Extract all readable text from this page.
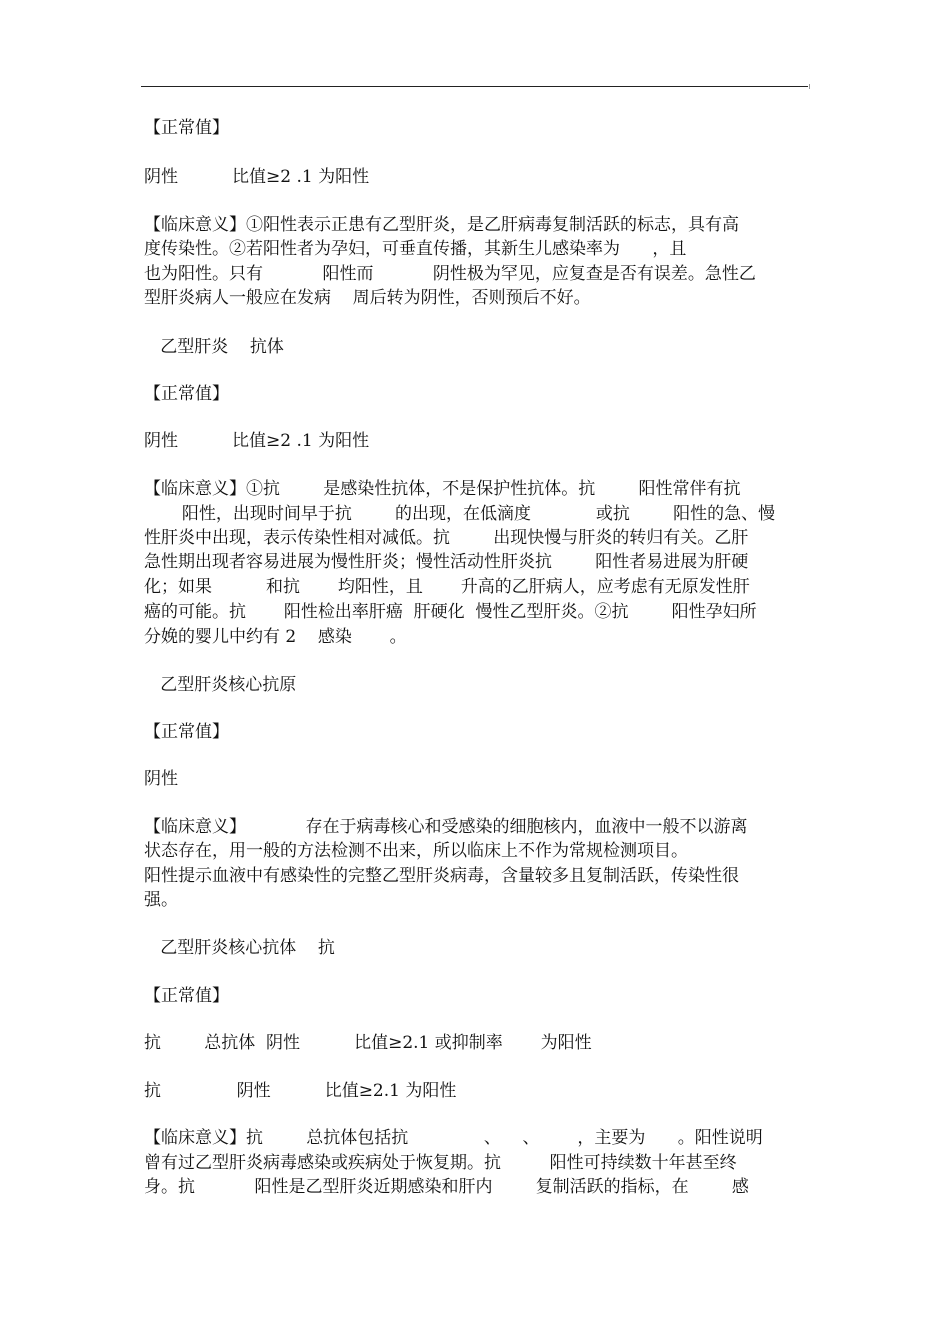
【正常值】

阴性          比值≥2 .1 为阳性

【临床意义】①阳性表示正患有乙型肝炎，是乙肝病毒复制活跃的标志，具有高

度传染性。②若阳性者为孕妇，可垂直传播，其新生儿感染率为      ，且

也为阳性。只有           阳性而           阴性极为罕见，应复查是否有误差。急性乙

型肝炎病人一般应在发病    周后转为阴性，否则预后不好。

乙型肝炎    抗体

【正常值】

阴性          比值≥2 .1 为阳性

【临床意义】①抗        是感染性抗体，不是保护性抗体。抗        阳性常伴有抗

阳性，出现时间早于抗        的出现，在低滴度            或抗        阳性的急、慢

性肝炎中出现，表示传染性相对减低。抗        出现快慢与肝炎的转归有关。乙肝

急性期出现者容易进展为慢性肝炎；慢性活动性肝炎抗        阳性者易进展为肝硬

化；如果          和抗       均阳性，且       升高的乙肝病人，应考虑有无原发性肝

癌的可能。抗       阳性检出率肝癌  肝硬化  慢性乙型肝炎。②抗        阳性孕妇所

分娩的婴儿中约有 2    感染       。

乙型肝炎核心抗原

【正常值】

阴性

【临床意义】           存在于病毒核心和受感染的细胞核内，血液中一般不以游离

状态存在，用一般的方法检测不出来，所以临床上不作为常规检测项目。

阳性提示血液中有感染性的完整乙型肝炎病毒，含量较多且复制活跃，传染性很

强。

乙型肝炎核心抗体    抗

【正常值】

抗        总抗体  阴性          比值≥2.1 或抑制率       为阳性

抗              阴性          比值≥2.1 为阳性

【临床意义】抗        总抗体包括抗              、    、       ，主要为      。阳性说明

曾有过乙型肝炎病毒感染或疾病处于恢复期。抗         阳性可持续数十年甚至终

身。抗           阳性是乙型肝炎近期感染和肝内        复制活跃的指标，在        感
